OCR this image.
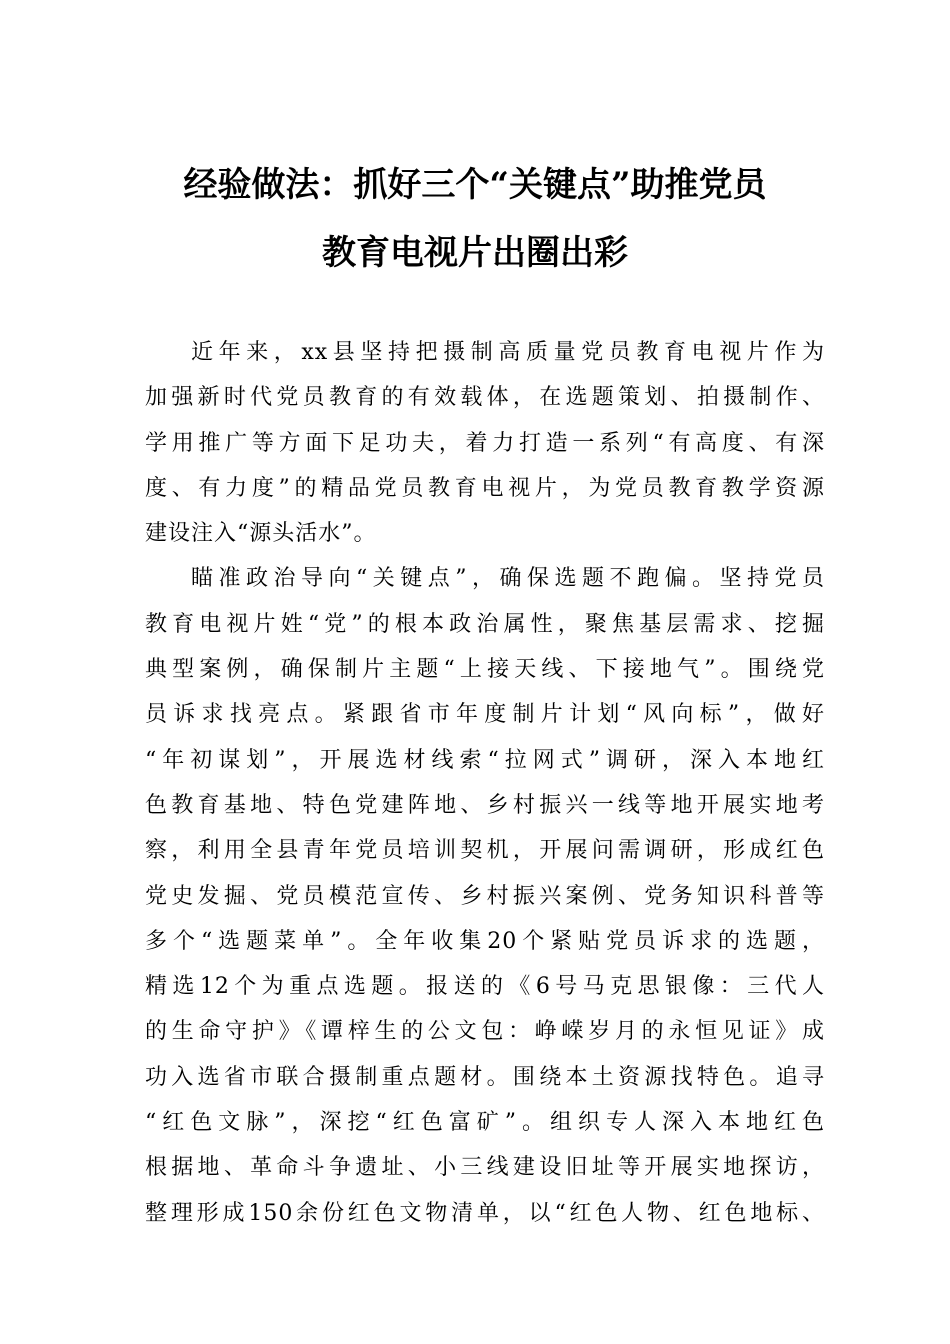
经验做法：抓好三个“关键点”助推党员
教育电视片出圈出彩
近年来，xx县坚持把摄制高质量党员教育电视片作为
加强新时代党员教育的有效载体，在选题策划、拍摄制作、
学用推广等方面下足功夫，着力打造一系列“有高度、有深
度、有力度”的精品党员教育电视片，为党员教育教学资源
建设注入“源头活水”。
瞄准政治导向“关键点”，确保选题不跑偏。坚持党员
教育电视片姓“党”的根本政治属性，聚焦基层需求、挖掘
典型案例，确保制片主题“上接天线、下接地气”。围绕党
员诉求找亮点。紧跟省市年度制片计划“风向标”，做好
“年初谋划”，开展选材线索“拉网式”调研，深入本地红
色教育基地、特色党建阵地、乡村振兴一线等地开展实地考
察，利用全县青年党员培训契机，开展问需调研，形成红色
党史发掘、党员模范宣传、乡村振兴案例、党务知识科普等
多个“选题菜单”。全年收集20个紧贴党员诉求的选题，
精选12个为重点选题。报送的《6号马克思银像：三代人
的生命守护》《谭梓生的公文包：峥嵘岁月的永恒见证》成
功入选省市联合摄制重点题材。围绕本土资源找特色。追寻
“红色文脉”，深挖“红色富矿”。组织专人深入本地红色
根据地、革命斗争遗址、小三线建设旧址等开展实地探访，
整理形成150余份红色文物清单，以“红色人物、红色地标、
